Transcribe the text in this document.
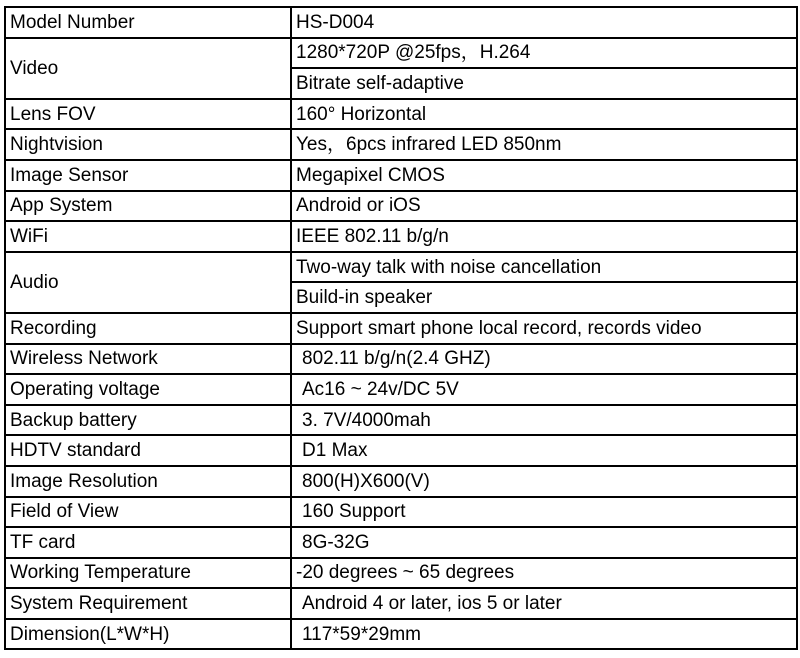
Model Number	HS-D004
Video	1280*720P @25fps，H.264
	Bitrate self-adaptive
Lens FOV	160° Horizontal
Nightvision	Yes，6pcs infrared LED 850nm
Image Sensor	Megapixel CMOS
App System	Android or iOS
WiFi	IEEE 802.11 b/g/n
Audio	Two-way talk with noise cancellation
	Build-in speaker
Recording	Support smart phone local record, records video
Wireless Network	802.11 b/g/n(2.4 GHZ)
Operating voltage	Ac16 ~ 24v/DC 5V
Backup battery	3. 7V/4000mah
HDTV standard	D1 Max
Image Resolution	800(H)X600(V)
Field of View	160 Support
TF card	8G-32G
Working Temperature	-20 degrees ~ 65 degrees
System Requirement	Android 4 or later, ios 5 or later
Dimension(L*W*H)	117*59*29mm
